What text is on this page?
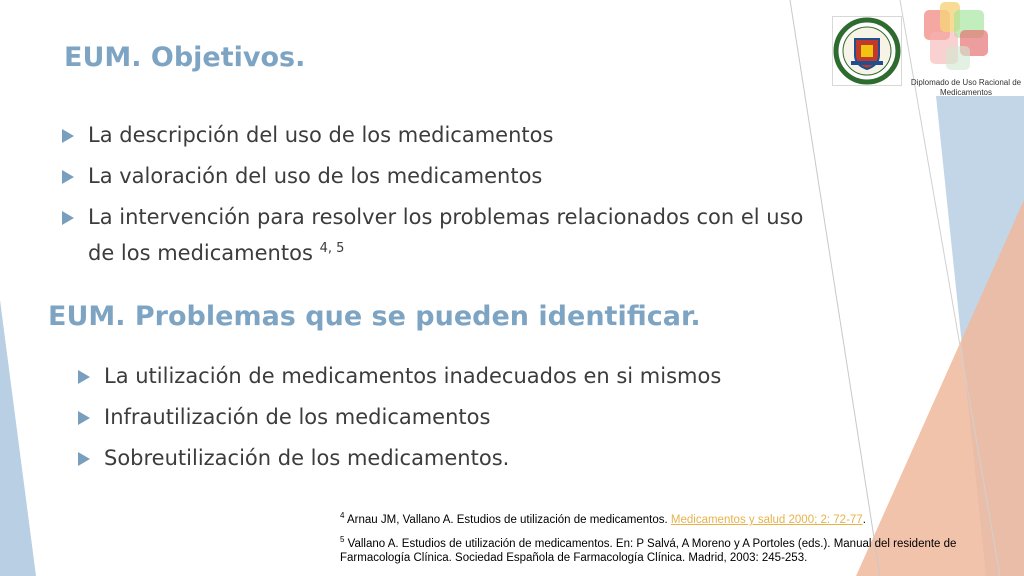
Diplomado de Uso Racional de Medicamentos
EUM. Objetivos.
La descripción del uso de los medicamentos
La valoración del uso de los medicamentos
La intervención para resolver los problemas relacionados con el uso de los medicamentos $^{4, 5}$
EUM. Problemas que se pueden identificar.
La utilización de medicamentos inadecuados en si mismos
Infrautilización de los medicamentos
Sobreutilización de los medicamentos.

$^4$ Arnau JM, Vallano A. Estudios de utilización de medicamentos. Medicamentos y salud 2000; 2: 72-77.

$^5$ Vallano A. Estudios de utilización de medicamentos. En: P Salvá, A Moreno y A Portoles (eds.). Manual del residente de Farmacología Clínica. Sociedad Española de Farmacología Clínica. Madrid, 2003: 245-253.
